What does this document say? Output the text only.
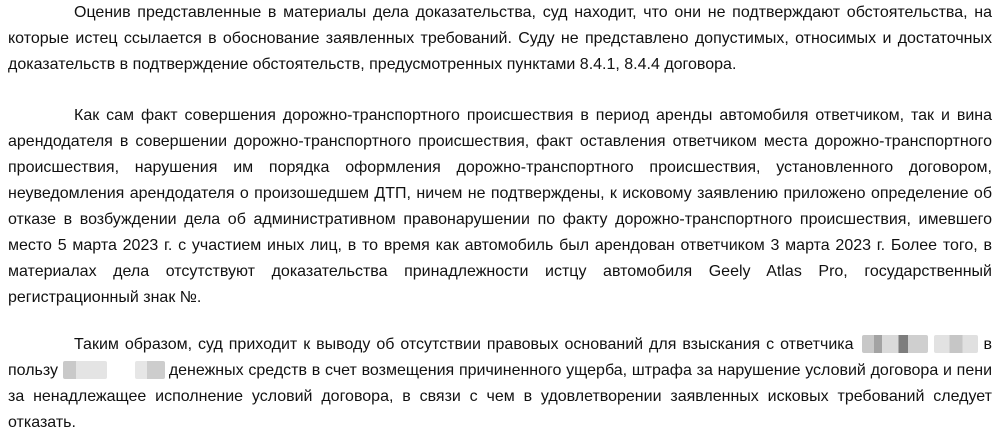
Оценив представленные в материалы дела доказательства, суд находит, что они не подтверждают обстоятельства, на которые истец ссылается в обоснование заявленных требований. Суду не представлено допустимых, относимых и достаточных доказательств в подтверждение обстоятельств, предусмотренных пунктами 8.4.1, 8.4.4 договора.

Как сам факт совершения дорожно-транспортного происшествия в период аренды автомобиля ответчиком, так и вина арендодателя в совершении дорожно-транспортного происшествия, факт оставления ответчиком места дорожно-транспортного происшествия, нарушения им порядка оформления дорожно-транспортного происшествия, установленного договором, неуведомления арендодателя о произошедшем ДТП, ничем не подтверждены, к исковому заявлению приложено определение об отказе в возбуждении дела об административном правонарушении по факту дорожно-транспортного происшествия, имевшего место 5 марта 2023 г. с участием иных лиц, в то время как автомобиль был арендован ответчиком 3 марта 2023 г. Более того, в материалах дела отсутствуют доказательства принадлежности истцу автомобиля Geely Atlas Pro, государственный регистрационный знак №.

Таким образом, суд приходит к выводу об отсутствии правовых оснований для взыскания с ответчика	в пользу	денежных средств в счет возмещения причиненного ущерба, штрафа за нарушение условий договора и пени за ненадлежащее исполнение условий договора, в связи с чем в удовлетворении заявленных исковых требований следует отказать.
